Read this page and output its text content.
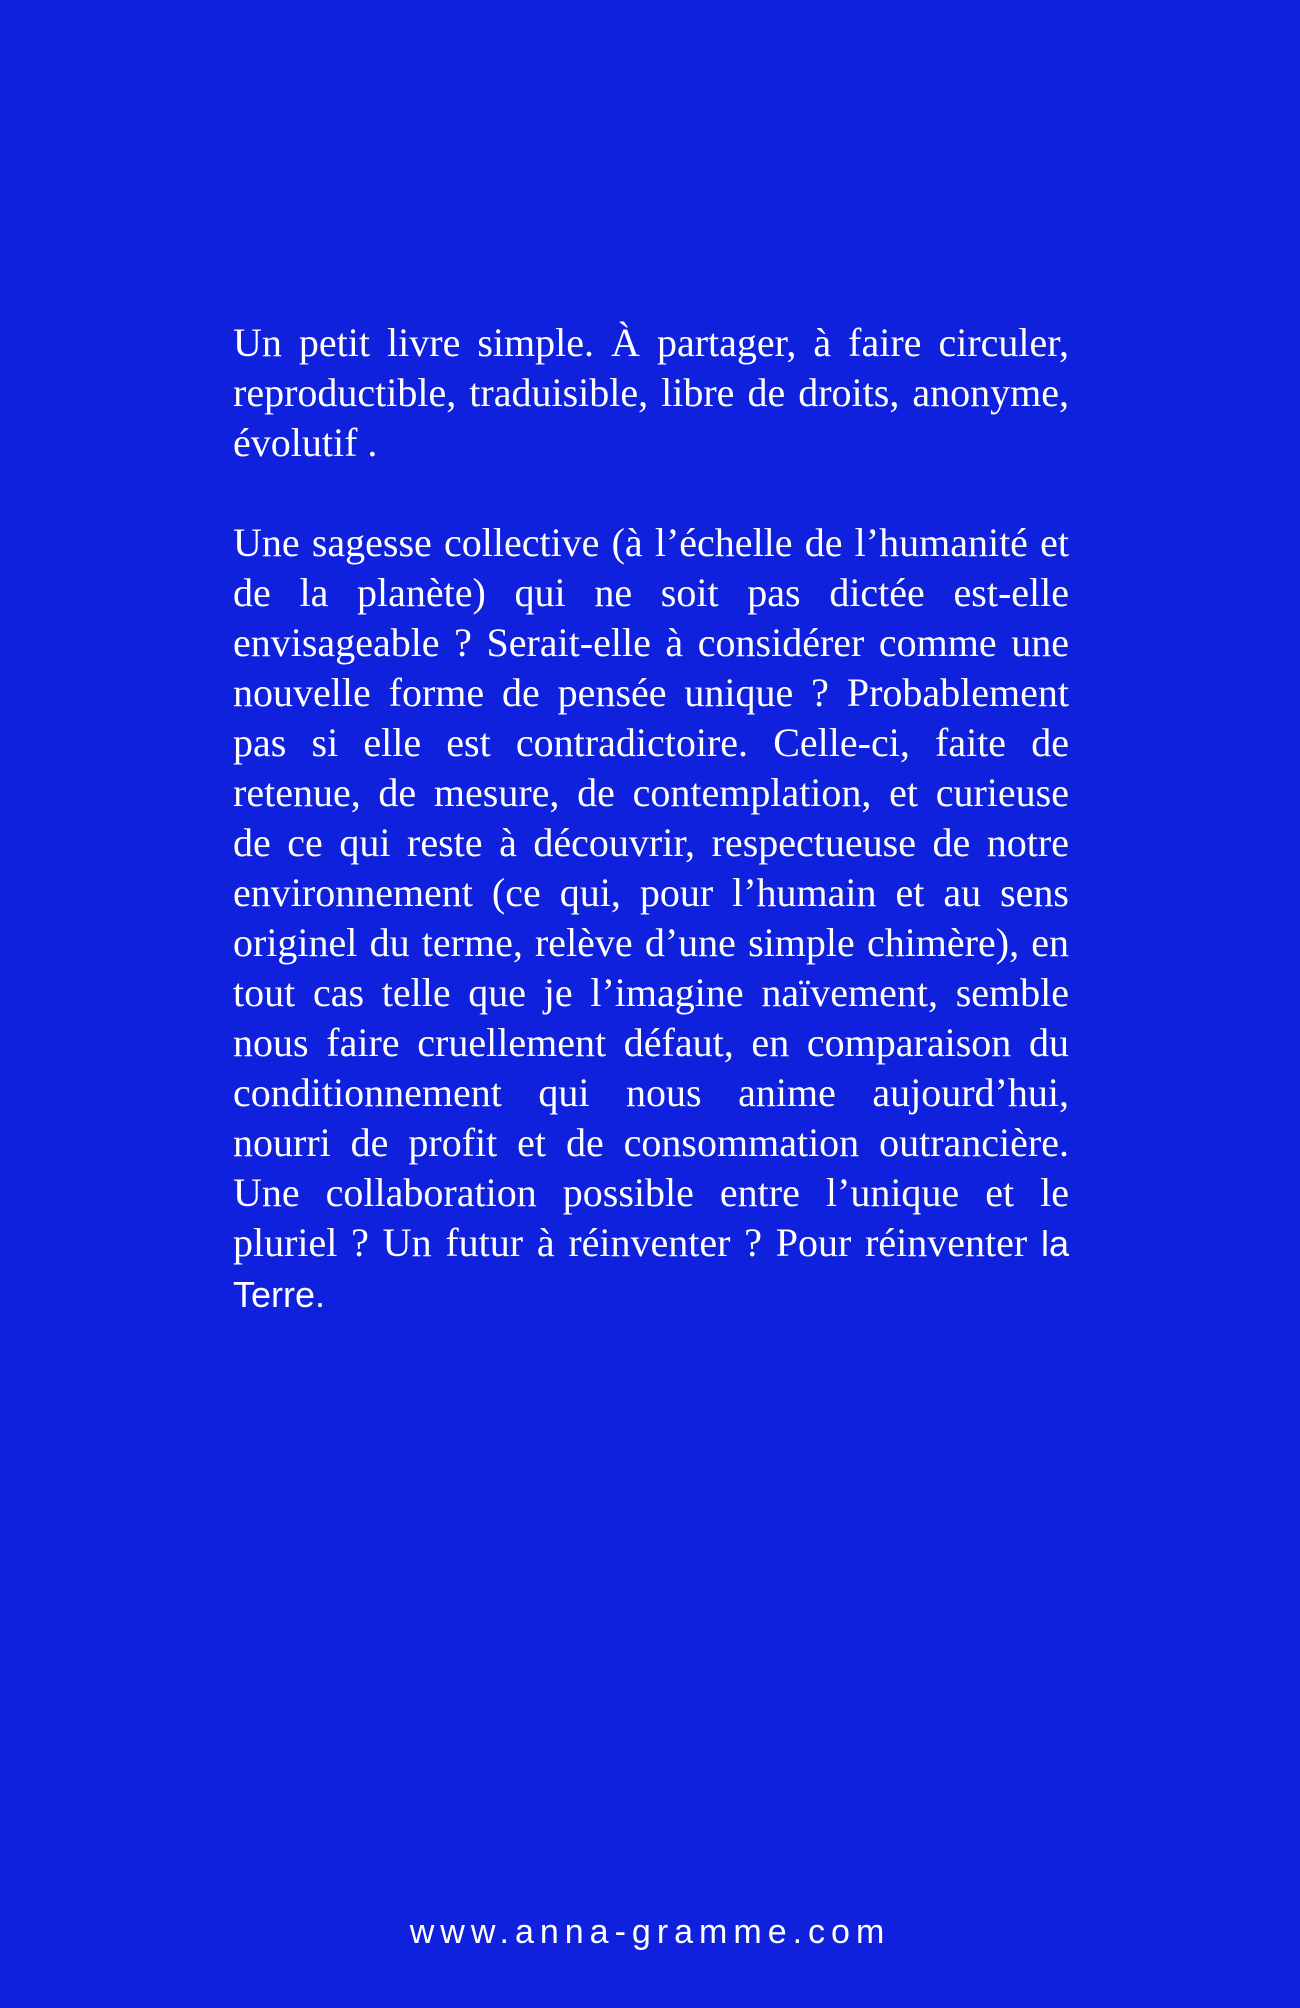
Un petit livre simple. À partager, à faire circuler, reproductible, traduisible, libre de droits, anonyme, évolutif .

Une sagesse collective (à l’échelle de l’humanité et de la planète) qui ne soit pas dictée est-elle envisageable ? Serait-elle à considérer comme une nouvelle forme de pensée unique ? Probablement pas si elle est contradictoire. Celle-ci, faite de retenue, de mesure, de contemplation, et curieuse de ce qui reste à découvrir, respectueuse de notre environnement (ce qui, pour l’humain et au sens originel du terme, relève d’une simple chimère), en tout cas telle que je l’imagine naïvement, semble nous faire cruellement défaut, en comparaison du conditionnement qui nous anime aujourd’hui, nourri de profit et de consommation outrancière. Une collaboration possible entre l’unique et le pluriel ? Un futur à réinventer ? Pour réinventer la Terre.

www.anna-gramme.com
